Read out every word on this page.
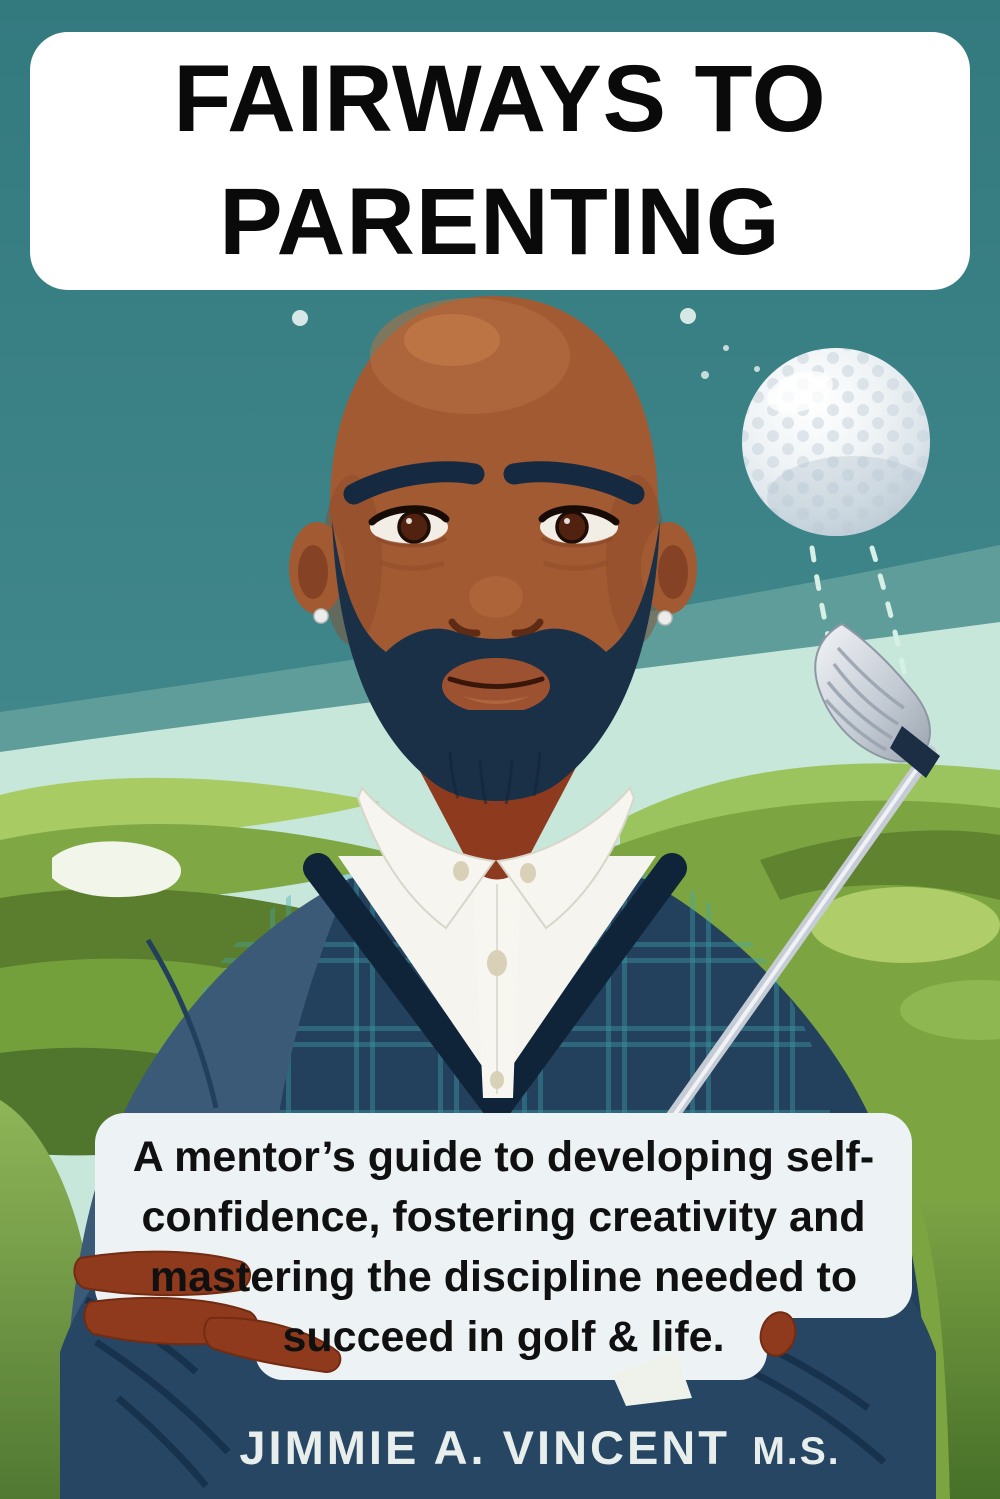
FAIRWAYS TO
PARENTING
A mentor’s guide to developing self-
confidence, fostering creativity and
mastering the discipline needed to
succeed in golf & life.
JIMMIE A. VINCENT M.S.
